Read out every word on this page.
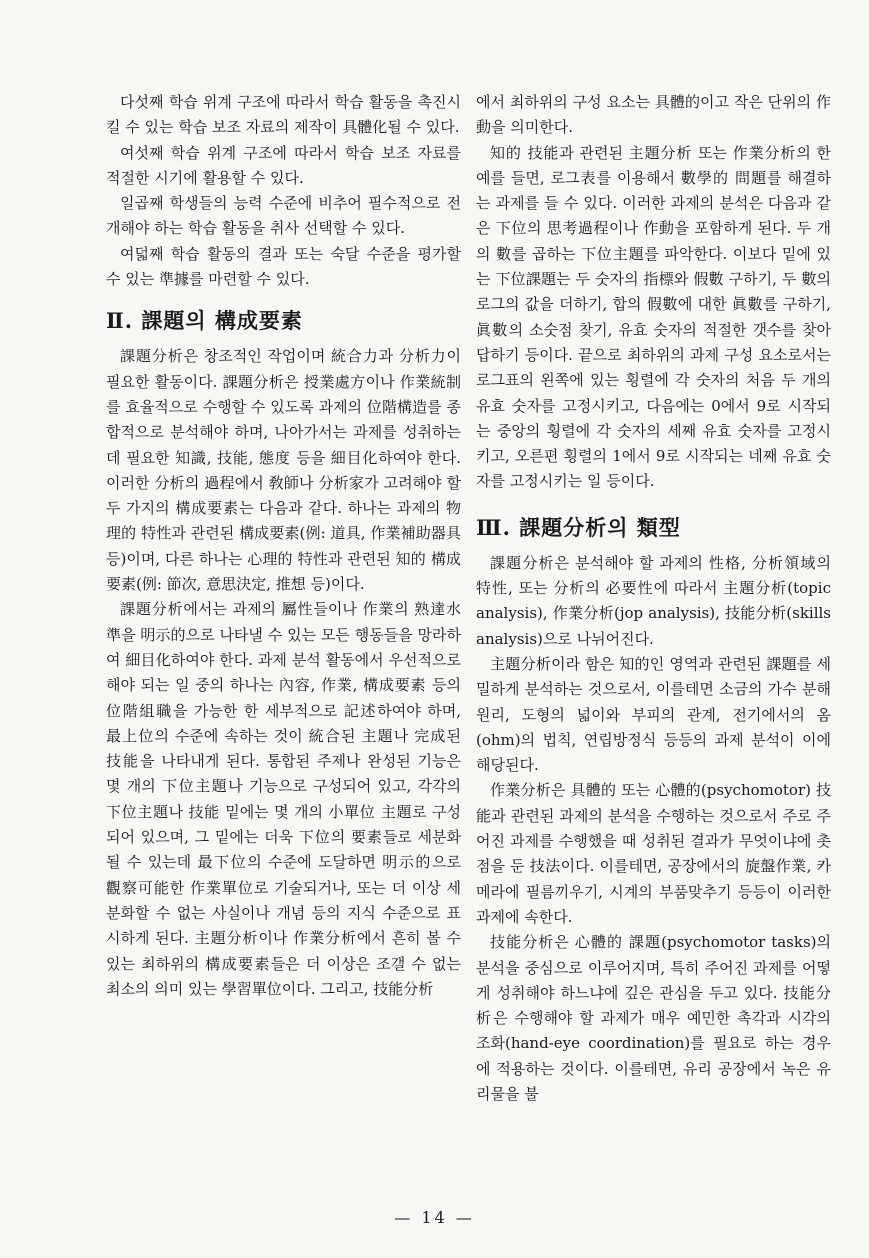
다섯째 학습 위계 구조에 따라서 학습 활동을 촉진시킬 수 있는 학습 보조 자료의 제작이 具體化될 수 있다.

여섯째 학습 위계 구조에 따라서 학습 보조 자료를 적절한 시기에 활용할 수 있다.

일곱째 학생들의 능력 수준에 비추어 필수적으로 전개해야 하는 학습 활동을 취사 선택할 수 있다.

여덟째 학습 활동의 결과 또는 숙달 수준을 평가할 수 있는 準據를 마련할 수 있다.

Ⅱ. 課題의 構成要素

課題分析은 창조적인 작업이며 統合力과 分析力이 필요한 활동이다. 課題分析은 授業處方이나 作業統制를 효율적으로 수행할 수 있도록 과제의 位階構造를 종합적으로 분석해야 하며, 나아가서는 과제를 성취하는 데 필요한 知識, 技能, 態度 등을 細目化하여야 한다. 이러한 分析의 過程에서 敎師나 分析家가 고려해야 할 두 가지의 構成要素는 다음과 같다. 하나는 과제의 物理的 特性과 관련된 構成要素(例: 道具, 作業補助器具 등)이며, 다른 하나는 心理的 特性과 관련된 知的 構成要素(例: 節次, 意思決定, 推想 등)이다.

課題分析에서는 과제의 屬性들이나 作業의 熟達水準을 明示的으로 나타낼 수 있는 모든 행동들을 망라하여 細目化하여야 한다. 과제 분석 활동에서 우선적으로 해야 되는 일 중의 하나는 內容, 作業, 構成要素 등의 位階組職을 가능한 한 세부적으로 記述하여야 하며, 最上位의 수준에 속하는 것이 統合된 主題나 完成된 技能을 나타내게 된다. 통합된 주제나 완성된 기능은 몇 개의 下位主題나 기능으로 구성되어 있고, 각각의 下位主題나 技能 밑에는 몇 개의 小單位 主題로 구성되어 있으며, 그 밑에는 더욱 下位의 要素들로 세분화될 수 있는데 最下位의 수준에 도달하면 明示的으로 觀察可能한 作業單位로 기술되거나, 또는 더 이상 세분화할 수 없는 사실이나 개념 등의 지식 수준으로 표시하게 된다. 主題分析이나 作業分析에서 흔히 볼 수 있는 최하위의 構成要素들은 더 이상은 조갤 수 없는 최소의 의미 있는 學習單位이다. 그리고, 技能分析

에서 최하위의 구성 요소는 具體的이고 작은 단위의 作動을 의미한다.

知的 技能과 관련된 主題分析 또는 作業分析의 한 예를 들면, 로그表를 이용해서 數學的 問題를 해결하는 과제를 들 수 있다. 이러한 과제의 분석은 다음과 같은 下位의 思考過程이나 作動을 포함하게 된다. 두 개의 數를 곱하는 下位主題를 파악한다. 이보다 밑에 있는 下位課題는 두 숫자의 指標와 假數 구하기, 두 數의 로그의 값을 더하기, 합의 假數에 대한 眞數를 구하기, 眞數의 소숫점 찾기, 유효 숫자의 적절한 갯수를 찾아 답하기 등이다. 끝으로 최하위의 과제 구성 요소로서는 로그표의 왼쪽에 있는 횡렬에 각 숫자의 처음 두 개의 유효 숫자를 고정시키고, 다음에는 0에서 9로 시작되는 중앙의 횡렬에 각 숫자의 세째 유효 숫자를 고정시키고, 오른편 횡렬의 1에서 9로 시작되는 네째 유효 숫자를 고정시키는 일 등이다.

Ⅲ. 課題分析의 類型

課題分析은 분석해야 할 과제의 性格, 分析領域의 特性, 또는 分析의 必要性에 따라서 主題分析(topic analysis), 作業分析(jop analysis), 技能分析(skills analysis)으로 나뉘어진다.

主題分析이라 함은 知的인 영역과 관련된 課題를 세밀하게 분석하는 것으로서, 이를테면 소금의 가수 분해 원리, 도형의 넓이와 부피의 관계, 전기에서의 옴(ohm)의 법칙, 연립방정식 등등의 과제 분석이 이에 해당된다.

作業分析은 具體的 또는 心體的(psychomotor) 技能과 관련된 과제의 분석을 수행하는 것으로서 주로 주어진 과제를 수행했을 때 성취된 결과가 무엇이냐에 촛점을 둔 技法이다. 이를테면, 공장에서의 旋盤作業, 카메라에 필름끼우기, 시계의 부품맞추기 등등이 이러한 과제에 속한다.

技能分析은 心體的 課題(psychomotor tasks)의 분석을 중심으로 이루어지며, 특히 주어진 과제를 어떻게 성취해야 하느냐에 깊은 관심을 두고 있다. 技能分析은 수행해야 할 과제가 매우 예민한 촉각과 시각의 조화(hand-eye coordination)를 필요로 하는 경우에 적용하는 것이다. 이를테면, 유리 공장에서 녹은 유리물을 불

— 14 —
